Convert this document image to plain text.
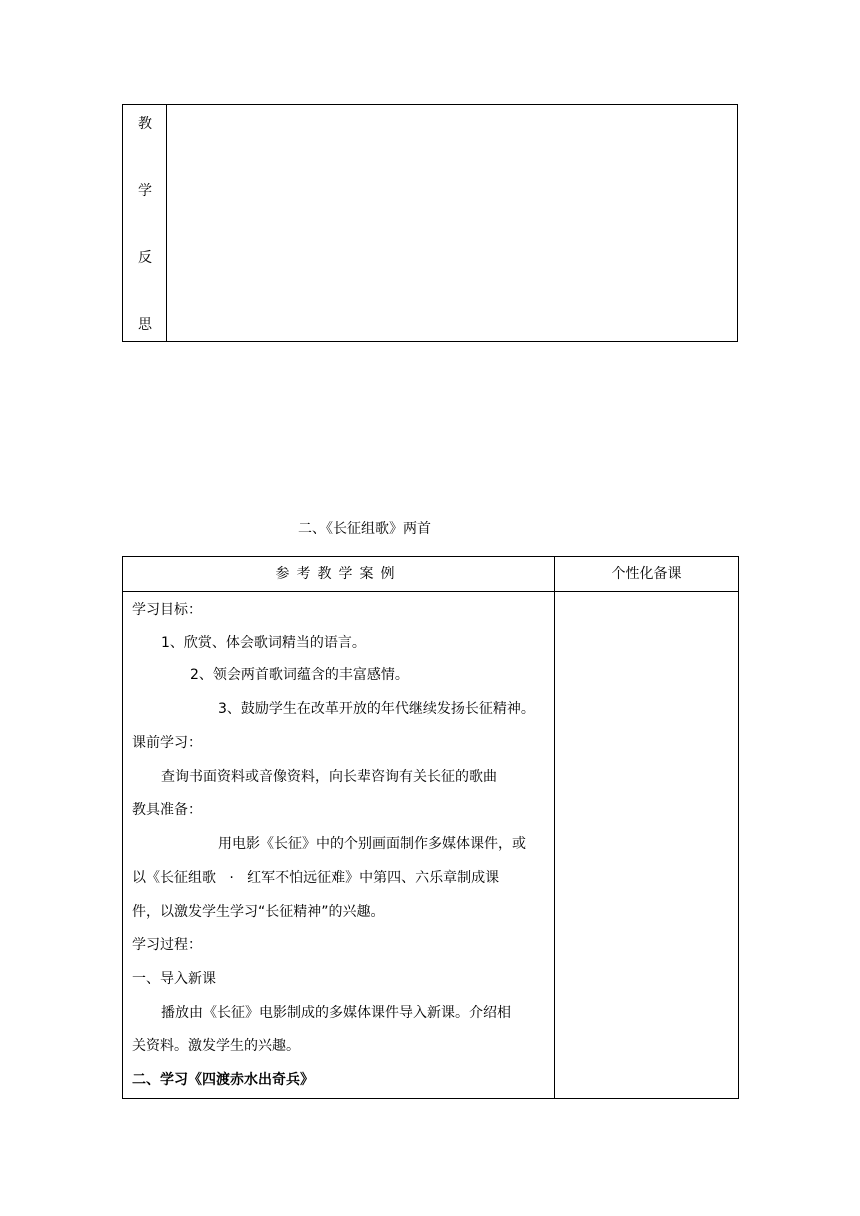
教
学
反
思
二、《长征组歌》两首
参考教学案例	个性化备课
学习目标：
1、欣赏、体会歌词精当的语言。
2、领会两首歌词蕴含的丰富感情。
3、鼓励学生在改革开放的年代继续发扬长征精神。
课前学习：
查询书面资料或音像资料，向长辈咨询有关长征的歌曲
教具准备：
用电影《长征》中的个别画面制作多媒体课件，或
以《长征组歌   ·   红军不怕远征难》中第四、六乐章制成课
件，以激发学生学习“长征精神”的兴趣。
学习过程：
一、导入新课
播放由《长征》电影制成的多媒体课件导入新课。介绍相
关资料。激发学生的兴趣。
二、学习《四渡赤水出奇兵》
